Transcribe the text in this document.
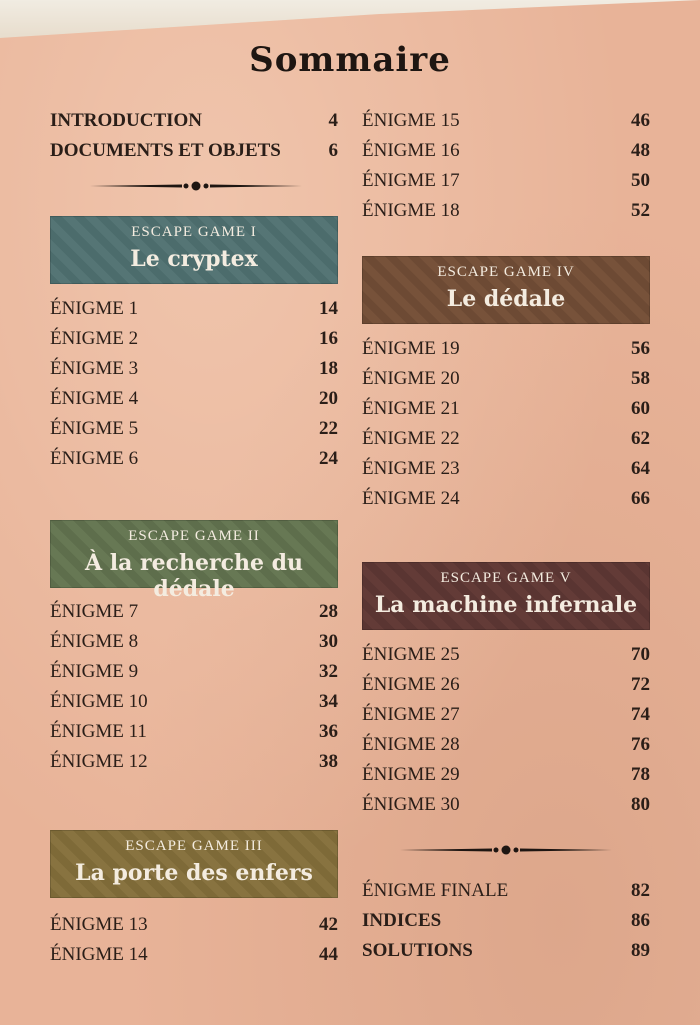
Sommaire
INTRODUCTION	4
DOCUMENTS ET OBJETS	6
ESCAPE GAME I
Le cryptex
ÉNIGME 1	14
ÉNIGME 2	16
ÉNIGME 3	18
ÉNIGME 4	20
ÉNIGME 5	22
ÉNIGME 6	24
ESCAPE GAME II
À la recherche du dédale
ÉNIGME 7	28
ÉNIGME 8	30
ÉNIGME 9	32
ÉNIGME 10	34
ÉNIGME 11	36
ÉNIGME 12	38
ESCAPE GAME III
La porte des enfers
ÉNIGME 13	42
ÉNIGME 14	44
ÉNIGME 15	46
ÉNIGME 16	48
ÉNIGME 17	50
ÉNIGME 18	52
ESCAPE GAME IV
Le dédale
ÉNIGME 19	56
ÉNIGME 20	58
ÉNIGME 21	60
ÉNIGME 22	62
ÉNIGME 23	64
ÉNIGME 24	66
ESCAPE GAME V
La machine infernale
ÉNIGME 25	70
ÉNIGME 26	72
ÉNIGME 27	74
ÉNIGME 28	76
ÉNIGME 29	78
ÉNIGME 30	80
ÉNIGME FINALE	82
INDICES	86
SOLUTIONS	89
